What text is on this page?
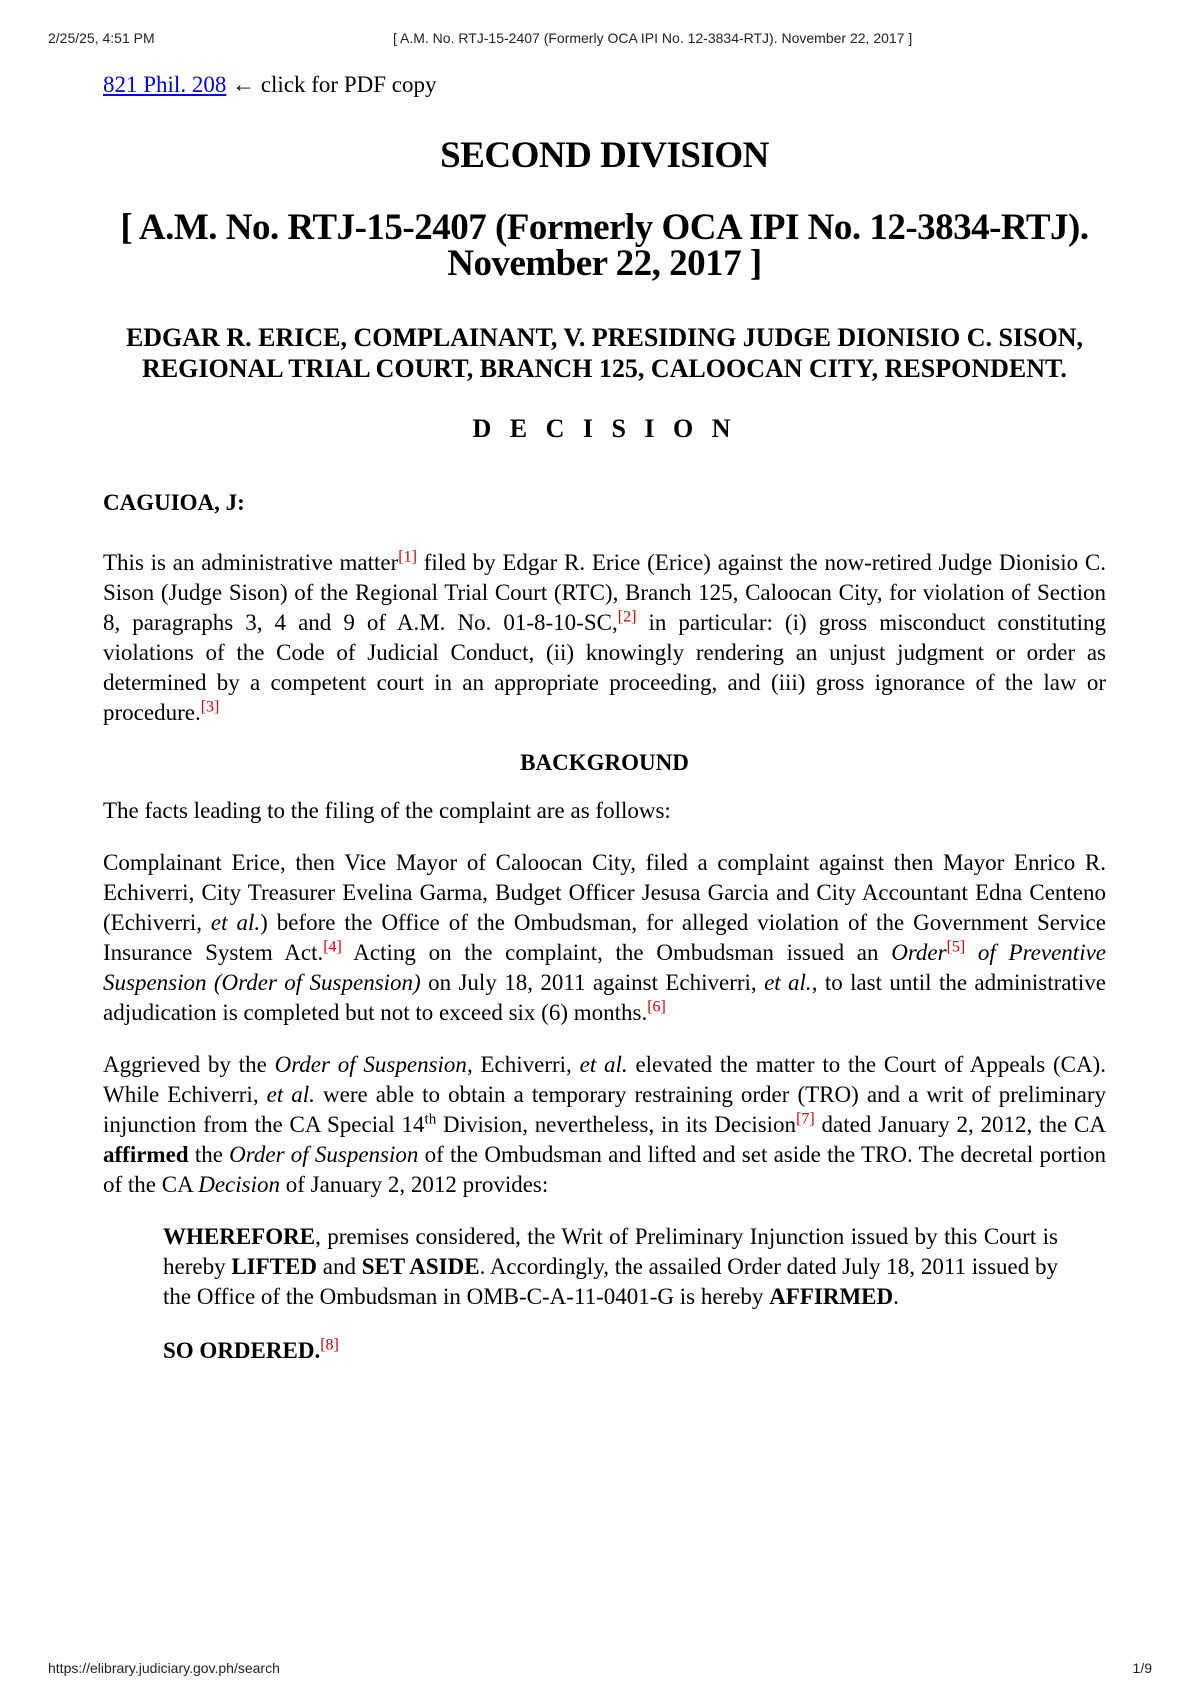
2/25/25, 4:51 PM	[ A.M. No. RTJ-15-2407 (Formerly OCA IPI No. 12-3834-RTJ). November 22, 2017 ]
821 Phil. 208 ← click for PDF copy
SECOND DIVISION
[ A.M. No. RTJ-15-2407 (Formerly OCA IPI No. 12-3834-RTJ). November 22, 2017 ]
EDGAR R. ERICE, COMPLAINANT, V. PRESIDING JUDGE DIONISIO C. SISON, REGIONAL TRIAL COURT, BRANCH 125, CALOOCAN CITY, RESPONDENT.
D E C I S I O N
CAGUIOA, J:

This is an administrative matter[1] filed by Edgar R. Erice (Erice) against the now-retired Judge Dionisio C. Sison (Judge Sison) of the Regional Trial Court (RTC), Branch 125, Caloocan City, for violation of Section 8, paragraphs 3, 4 and 9 of A.M. No. 01-8-10-SC,[2] in particular: (i) gross misconduct constituting violations of the Code of Judicial Conduct, (ii) knowingly rendering an unjust judgment or order as determined by a competent court in an appropriate proceeding, and (iii) gross ignorance of the law or procedure.[3]

BACKGROUND

The facts leading to the filing of the complaint are as follows:

Complainant Erice, then Vice Mayor of Caloocan City, filed a complaint against then Mayor Enrico R. Echiverri, City Treasurer Evelina Garma, Budget Officer Jesusa Garcia and City Accountant Edna Centeno (Echiverri, et al.) before the Office of the Ombudsman, for alleged violation of the Government Service Insurance System Act.[4] Acting on the complaint, the Ombudsman issued an Order[5] of Preventive Suspension (Order of Suspension) on July 18, 2011 against Echiverri, et al., to last until the administrative adjudication is completed but not to exceed six (6) months.[6]

Aggrieved by the Order of Suspension, Echiverri, et al. elevated the matter to the Court of Appeals (CA). While Echiverri, et al. were able to obtain a temporary restraining order (TRO) and a writ of preliminary injunction from the CA Special 14th Division, nevertheless, in its Decision[7] dated January 2, 2012, the CA affirmed the Order of Suspension of the Ombudsman and lifted and set aside the TRO. The decretal portion of the CA Decision of January 2, 2012 provides:

WHEREFORE, premises considered, the Writ of Preliminary Injunction issued by this Court is hereby LIFTED and SET ASIDE. Accordingly, the assailed Order dated July 18, 2011 issued by the Office of the Ombudsman in OMB-C-A-11-0401-G is hereby AFFIRMED.

SO ORDERED.[8]

https://elibrary.judiciary.gov.ph/search	1/9
